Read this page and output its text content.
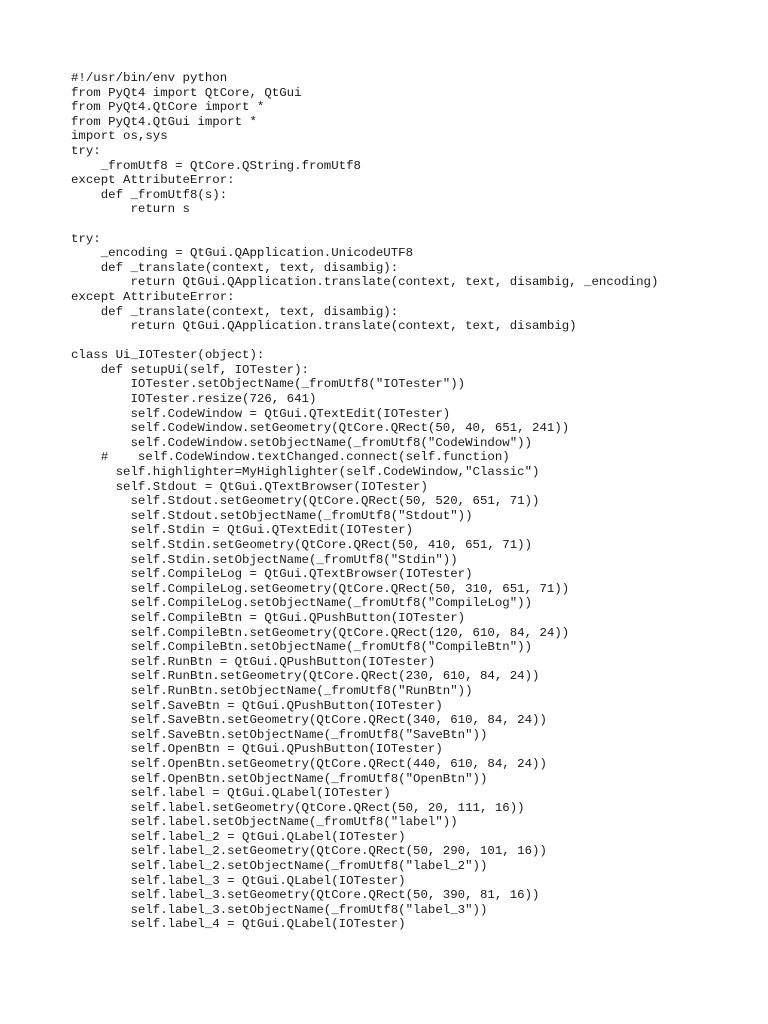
#!/usr/bin/env python
from PyQt4 import QtCore, QtGui
from PyQt4.QtCore import *
from PyQt4.QtGui import *
import os,sys
try:
_fromUtf8 = QtCore.QString.fromUtf8
except AttributeError:
def _fromUtf8(s):
return s
try:
_encoding = QtGui.QApplication.UnicodeUTF8
def _translate(context, text, disambig):
return QtGui.QApplication.translate(context, text, disambig, _encoding)
except AttributeError:
def _translate(context, text, disambig):
return QtGui.QApplication.translate(context, text, disambig)
class Ui_IOTester(object):
def setupUi(self, IOTester):
IOTester.setObjectName(_fromUtf8("IOTester"))
IOTester.resize(726, 641)
self.CodeWindow = QtGui.QTextEdit(IOTester)
self.CodeWindow.setGeometry(QtCore.QRect(50, 40, 651, 241))
self.CodeWindow.setObjectName(_fromUtf8("CodeWindow"))
#    self.CodeWindow.textChanged.connect(self.function)
self.highlighter=MyHighlighter(self.CodeWindow,"Classic")
self.Stdout = QtGui.QTextBrowser(IOTester)
self.Stdout.setGeometry(QtCore.QRect(50, 520, 651, 71))
self.Stdout.setObjectName(_fromUtf8("Stdout"))
self.Stdin = QtGui.QTextEdit(IOTester)
self.Stdin.setGeometry(QtCore.QRect(50, 410, 651, 71))
self.Stdin.setObjectName(_fromUtf8("Stdin"))
self.CompileLog = QtGui.QTextBrowser(IOTester)
self.CompileLog.setGeometry(QtCore.QRect(50, 310, 651, 71))
self.CompileLog.setObjectName(_fromUtf8("CompileLog"))
self.CompileBtn = QtGui.QPushButton(IOTester)
self.CompileBtn.setGeometry(QtCore.QRect(120, 610, 84, 24))
self.CompileBtn.setObjectName(_fromUtf8("CompileBtn"))
self.RunBtn = QtGui.QPushButton(IOTester)
self.RunBtn.setGeometry(QtCore.QRect(230, 610, 84, 24))
self.RunBtn.setObjectName(_fromUtf8("RunBtn"))
self.SaveBtn = QtGui.QPushButton(IOTester)
self.SaveBtn.setGeometry(QtCore.QRect(340, 610, 84, 24))
self.SaveBtn.setObjectName(_fromUtf8("SaveBtn"))
self.OpenBtn = QtGui.QPushButton(IOTester)
self.OpenBtn.setGeometry(QtCore.QRect(440, 610, 84, 24))
self.OpenBtn.setObjectName(_fromUtf8("OpenBtn"))
self.label = QtGui.QLabel(IOTester)
self.label.setGeometry(QtCore.QRect(50, 20, 111, 16))
self.label.setObjectName(_fromUtf8("label"))
self.label_2 = QtGui.QLabel(IOTester)
self.label_2.setGeometry(QtCore.QRect(50, 290, 101, 16))
self.label_2.setObjectName(_fromUtf8("label_2"))
self.label_3 = QtGui.QLabel(IOTester)
self.label_3.setGeometry(QtCore.QRect(50, 390, 81, 16))
self.label_3.setObjectName(_fromUtf8("label_3"))
self.label_4 = QtGui.QLabel(IOTester)
